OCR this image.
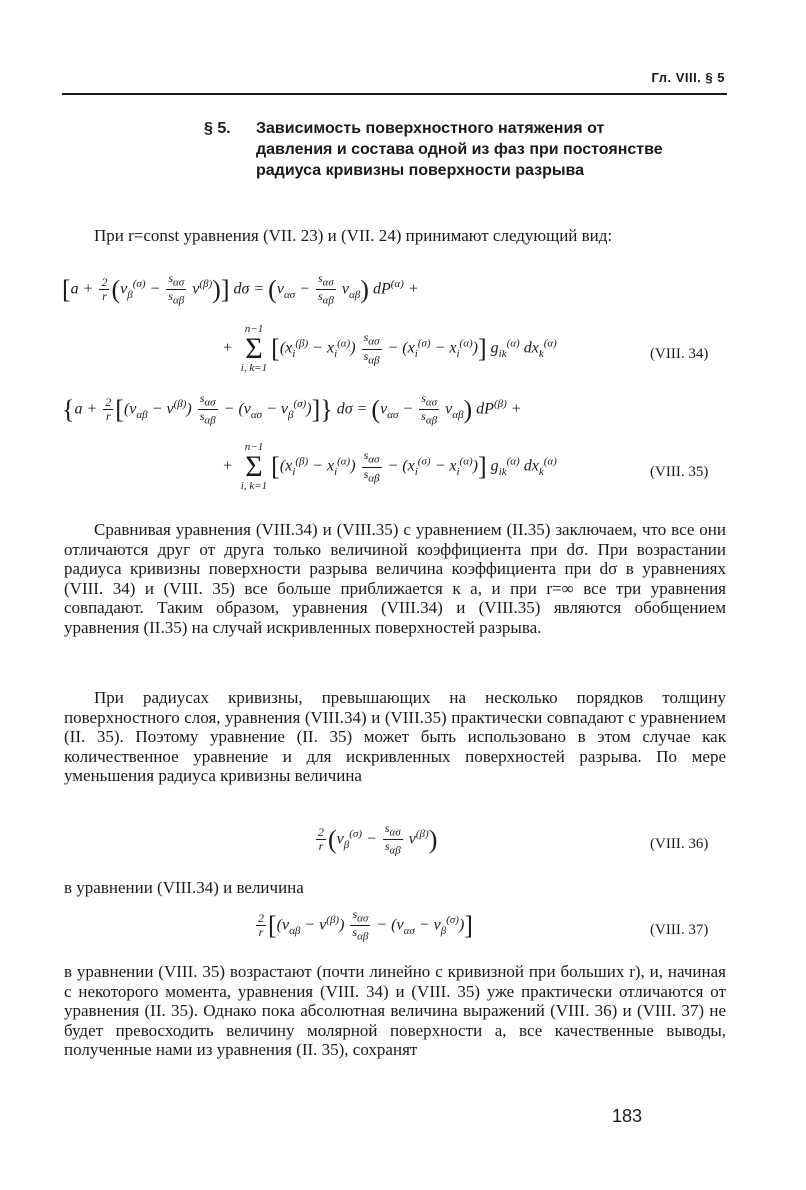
Гл. VIII. § 5
§ 5.	Зависимость поверхностного натяжения от давления и состава одной из фаз при постоянстве радиуса кривизны поверхности разрыва
При r=const уравнения (VII. 23) и (VII. 24) принимают следующий вид:
$[a + \frac{2}{r} (v_\beta^{(\sigma)} - \frac{s_{\alpha\sigma}}{s_{\alpha\beta}} v^{(\beta)})]$ $d\sigma = (v_{\alpha\sigma} - \frac{s_{\alpha\sigma}}{s_{\alpha\beta}} v_{\alpha\beta}) dP^{(\alpha)}$ +
+ n−1
Σ
i, $k=1[(x_i^{(\beta)} - x_i^{(\alpha)}) \frac{s_{\alpha\sigma}}{s_{\alpha\beta}} - (x_i^{(\sigma)} - x_i^{(\alpha)})]$ $g_{ik}^{(\alpha)}$ $dx_k^{(\alpha)}$
(VIII. 34)
$\{a + \frac{2}{r} [(v_{\alpha\beta} - v^{(\beta)}) \frac{s_{\alpha\sigma}}{s_{\alpha\beta}} - (v_{\alpha\sigma} - v_\beta^{(\sigma)})]\}$ $d\sigma = (v_{\alpha\sigma} - \frac{s_{\alpha\sigma}}{s_{\alpha\beta}} v_{\alpha\beta}) dP^{(\beta)}$ +
+ n−1
Σ
i, $k=1[(x_i^{(\beta)} - x_i^{(\alpha)}) \frac{s_{\alpha\sigma}}{s_{\alpha\beta}} - (x_i^{(\sigma)} - x_i^{(\alpha)})]$ $g_{ik}^{(\alpha)}$ $dx_k^{(\alpha)}$
(VIII. 35)
Сравнивая уравнения (VIII.34) и (VIII.35) с уравнением (II.35) заключаем, что все они отличаются друг от друга только величиной коэффициента при dσ. При возрастании радиуса кривизны поверхности разрыва величина коэффициента при dσ в уравнениях (VIII. 34) и (VIII. 35) все больше приближается к a, и при r=∞ все три уравнения совпадают. Таким образом, уравнения (VIII.34) и (VIII.35) являются обобщением уравнения (II.35) на случай искривленных поверхностей разрыва.
При радиусах кривизны, превышающих на несколько порядков толщину поверхностного слоя, уравнения (VIII.34) и (VIII.35) практически совпадают с уравнением (II. 35). Поэтому уравнение (II. 35) может быть использовано в этом случае как количественное уравнение и для искривленных поверхностей разрыва. По мере уменьшения радиуса кривизны величина
$\frac{2}{r} (v_\beta^{(\sigma)} - \frac{s_{\alpha\sigma}}{s_{\alpha\beta}} v^{(\beta)})$	(VIII. 36)
в уравнении (VIII.34) и величина
$\frac{2}{r} [(v_{\alpha\beta} - v^{(\beta)}) \frac{s_{\alpha\sigma}}{s_{\alpha\beta}} - (v_{\alpha\sigma} - v_\beta^{(\sigma)})]$	(VIII. 37)
в уравнении (VIII. 35) возрастают (почти линейно с кривизной при больших r), и, начиная с некоторого момента, уравнения (VIII. 34) и (VIII. 35) уже практически отличаются от уравнения (II. 35). Однако пока абсолютная величина выражений (VIII. 36) и (VIII. 37) не будет превосходить величину молярной поверхности a, все качественные выводы, полученные нами из уравнения (II. 35), сохранят
183
